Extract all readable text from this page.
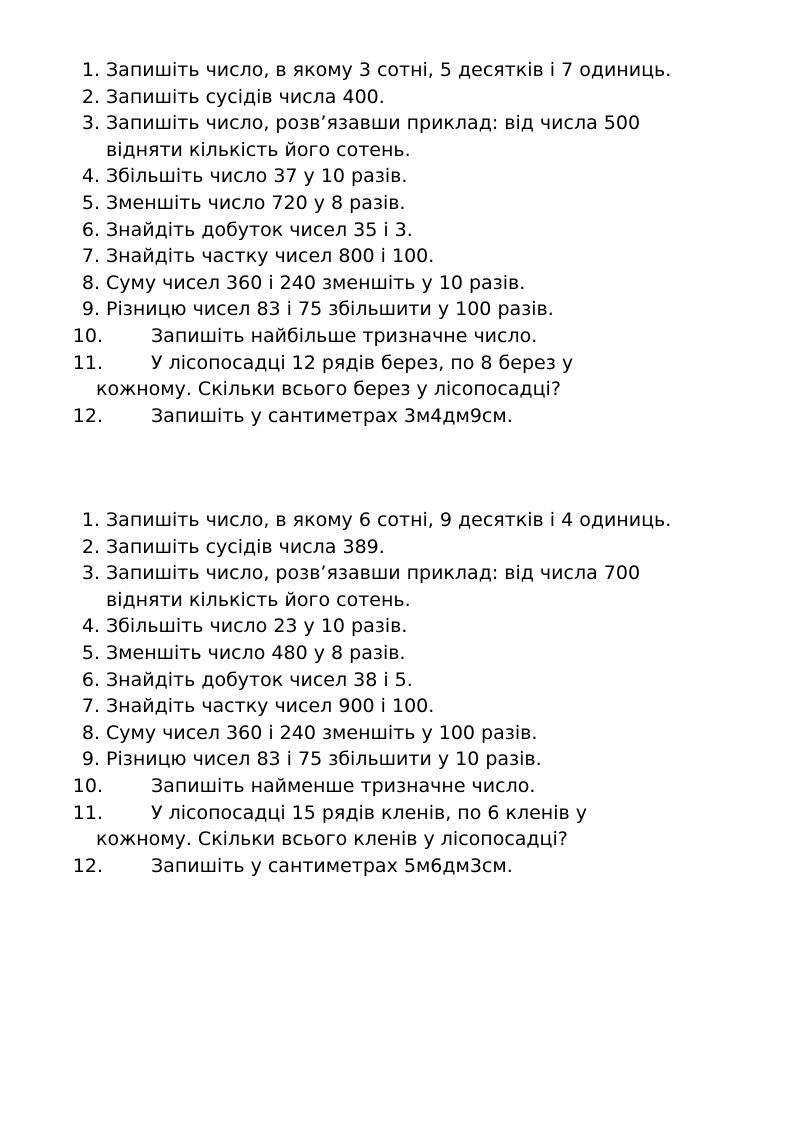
1. Запишіть число, в якому 3 сотні, 5 десятків і 7 одиниць.
2. Запишіть сусідів числа 400.
3. Запишіть число, розв’язавши приклад: від числа 500 відняти кількість його сотень.
4. Збільшіть число 37 у 10 разів.
5. Зменшіть число 720 у 8 разів.
6. Знайдіть добуток чисел 35 і 3.
7. Знайдіть частку чисел 800 і 100.
8. Суму чисел 360 і 240 зменшіть у 10 разів.
9. Різницю чисел 83 і 75 збільшити у 100 разів.
10.	Запишіть найбільше тризначне число.
11.	У лісопосадці 12 рядів берез, по 8 берез у
кожному. Скільки всього берез у лісопосадці?
12.	Запишіть у сантиметрах 3м4дм9см.
1. Запишіть число, в якому 6 сотні, 9 десятків і 4 одиниць.
2. Запишіть сусідів числа 389.
3. Запишіть число, розв’язавши приклад: від числа 700 відняти кількість його сотень.
4. Збільшіть число 23 у 10 разів.
5. Зменшіть число 480 у 8 разів.
6. Знайдіть добуток чисел 38 і 5.
7. Знайдіть частку чисел 900 і 100.
8. Суму чисел 360 і 240 зменшіть у 100 разів.
9. Різницю чисел 83 і 75 збільшити у 10 разів.
10.	Запишіть найменше тризначне число.
11.	У лісопосадці 15 рядів кленів, по 6 кленів у
кожному. Скільки всього кленів у лісопосадці?
12.	Запишіть у сантиметрах 5м6дм3см.
